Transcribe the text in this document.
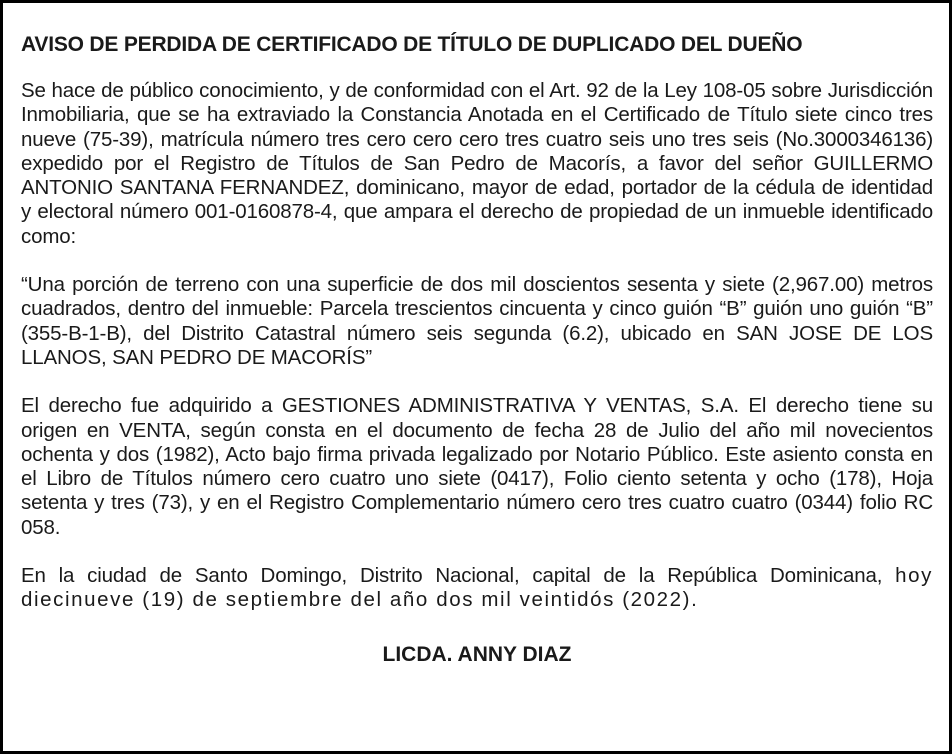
AVISO DE PERDIDA DE CERTIFICADO DE TÍTULO DE DUPLICADO DEL DUEÑO

Se hace de público conocimiento, y de conformidad con el Art. 92 de la Ley 108-05 sobre Jurisdicción Inmobiliaria, que se ha extraviado la Constancia Anotada en el Certificado de Título siete cinco tres nueve (75-39), matrícula número tres cero cero cero tres cuatro seis uno tres seis (No.3000346136) expedido por el Registro de Títulos de San Pedro de Macorís, a favor del señor GUILLERMO ANTONIO SANTANA FERNANDEZ, dominicano, mayor de edad, portador de la cédula de identidad y electoral número 001-0160878-4, que ampara el derecho de propiedad de un inmueble identificado como:

“Una porción de terreno con una superficie de dos mil doscientos sesenta y siete (2,967.00) metros cuadrados, dentro del inmueble: Parcela trescientos cincuenta y cinco guión “B” guión uno guión “B” (355-B-1-B), del Distrito Catastral número seis segunda (6.2), ubicado en SAN JOSE DE LOS LLANOS, SAN PEDRO DE MACORÍS”

El derecho fue adquirido a GESTIONES ADMINISTRATIVA Y VENTAS, S.A. El derecho tiene su origen en VENTA, según consta en el documento de fecha 28 de Julio del año mil novecientos ochenta y dos (1982), Acto bajo firma privada legalizado por Notario Público. Este asiento consta en el Libro de Títulos número cero cuatro uno siete (0417), Folio ciento setenta y ocho (178), Hoja setenta y tres (73), y en el Registro Complementario número cero tres cuatro cuatro (0344) folio RC 058.

En la ciudad de Santo Domingo, Distrito Nacional, capital de la República Dominicana, hoy diecinueve (19) de septiembre del año dos mil veintidós (2022).

LICDA. ANNY DIAZ
